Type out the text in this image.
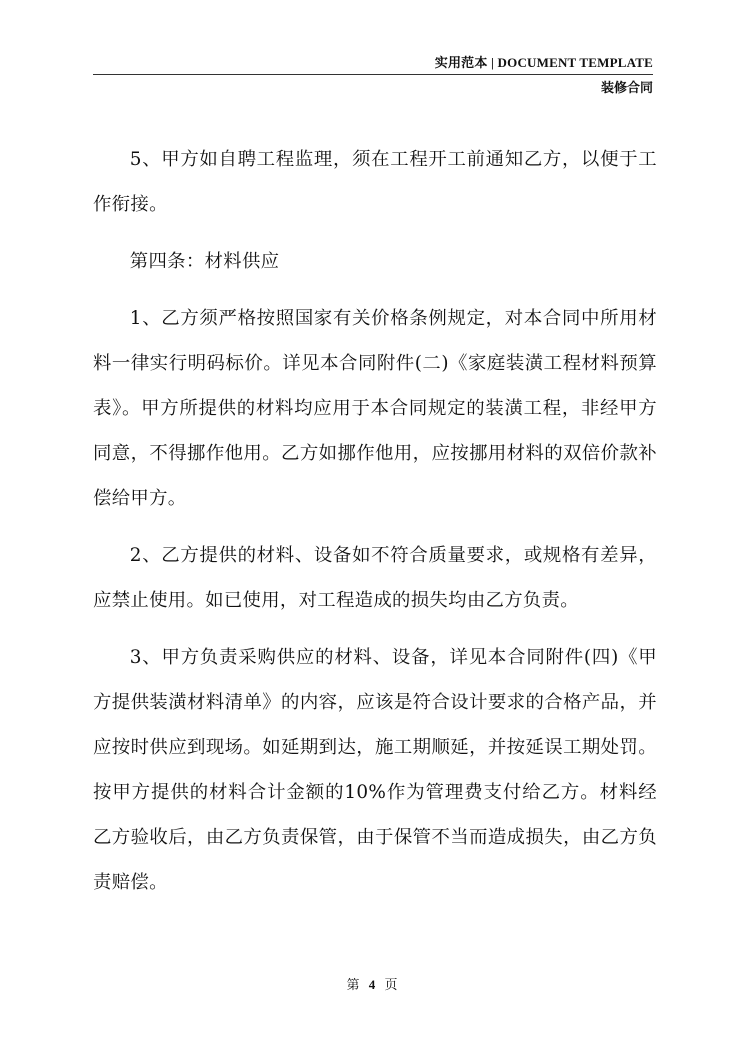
实用范本 | DOCUMENT TEMPLATE
装修合同

5、甲方如自聘工程监理，须在工程开工前通知乙方，以便于工作衔接。

第四条：材料供应

1、乙方须严格按照国家有关价格条例规定，对本合同中所用材料一律实行明码标价。详见本合同附件(二)《家庭装潢工程材料预算表》。甲方所提供的材料均应用于本合同规定的装潢工程，非经甲方同意，不得挪作他用。乙方如挪作他用，应按挪用材料的双倍价款补偿给甲方。

2、乙方提供的材料、设备如不符合质量要求，或规格有差异，应禁止使用。如已使用，对工程造成的损失均由乙方负责。

3、甲方负责采购供应的材料、设备，详见本合同附件(四)《甲方提供装潢材料清单》的内容，应该是符合设计要求的合格产品，并应按时供应到现场。如延期到达，施工期顺延，并按延误工期处罚。按甲方提供的材料合计金额的10%作为管理费支付给乙方。材料经乙方验收后，由乙方负责保管，由于保管不当而造成损失，由乙方负责赔偿。

第 4 页
